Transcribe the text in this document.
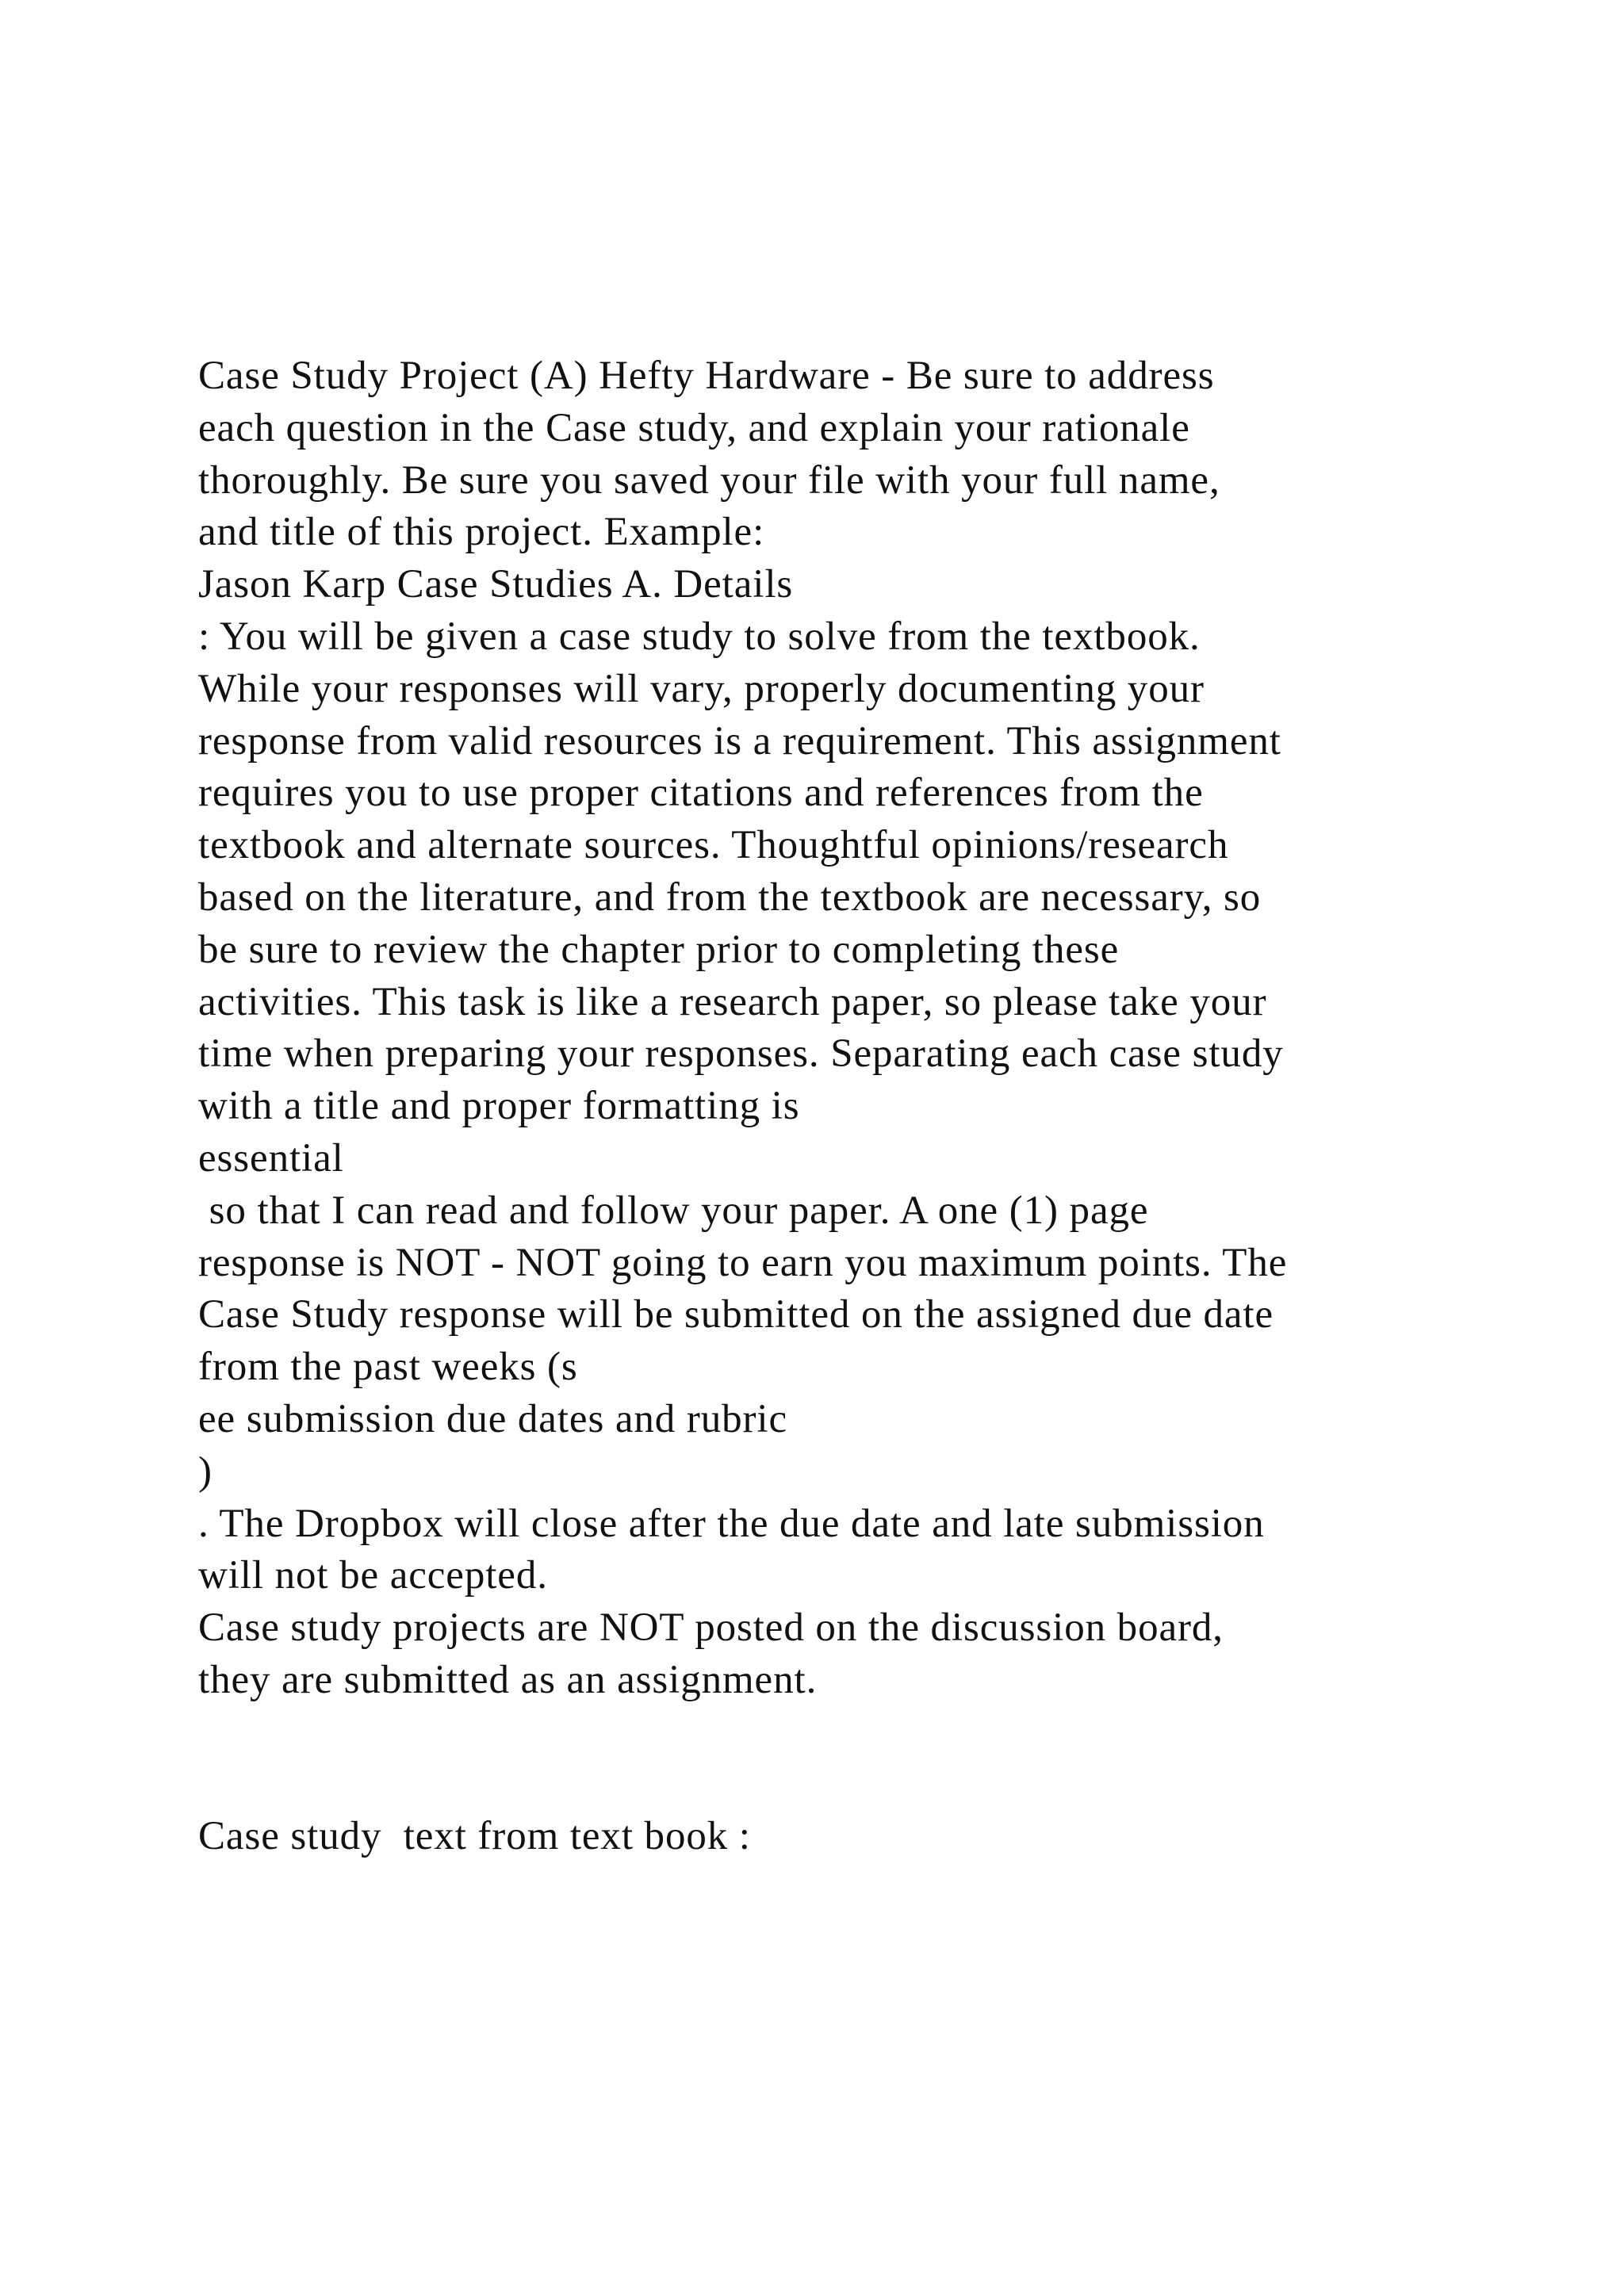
Case Study Project (A) Hefty Hardware - Be sure to address
each question in the Case study, and explain your rationale
thoroughly. Be sure you saved your file with your full name,
and title of this project. Example:
Jason Karp Case Studies A. Details
: You will be given a case study to solve from the textbook.
While your responses will vary, properly documenting your
response from valid resources is a requirement. This assignment
requires you to use proper citations and references from the
textbook and alternate sources. Thoughtful opinions/research
based on the literature, and from the textbook are necessary, so
be sure to review the chapter prior to completing these
activities. This task is like a research paper, so please take your
time when preparing your responses. Separating each case study
with a title and proper formatting is
essential
so that I can read and follow your paper. A one (1) page
response is NOT - NOT going to earn you maximum points. The
Case Study response will be submitted on the assigned due date
from the past weeks (s
ee submission due dates and rubric
)
. The Dropbox will close after the due date and late submission
will not be accepted.
Case study projects are NOT posted on the discussion board,
they are submitted as an assignment.
Case study  text from text book :
